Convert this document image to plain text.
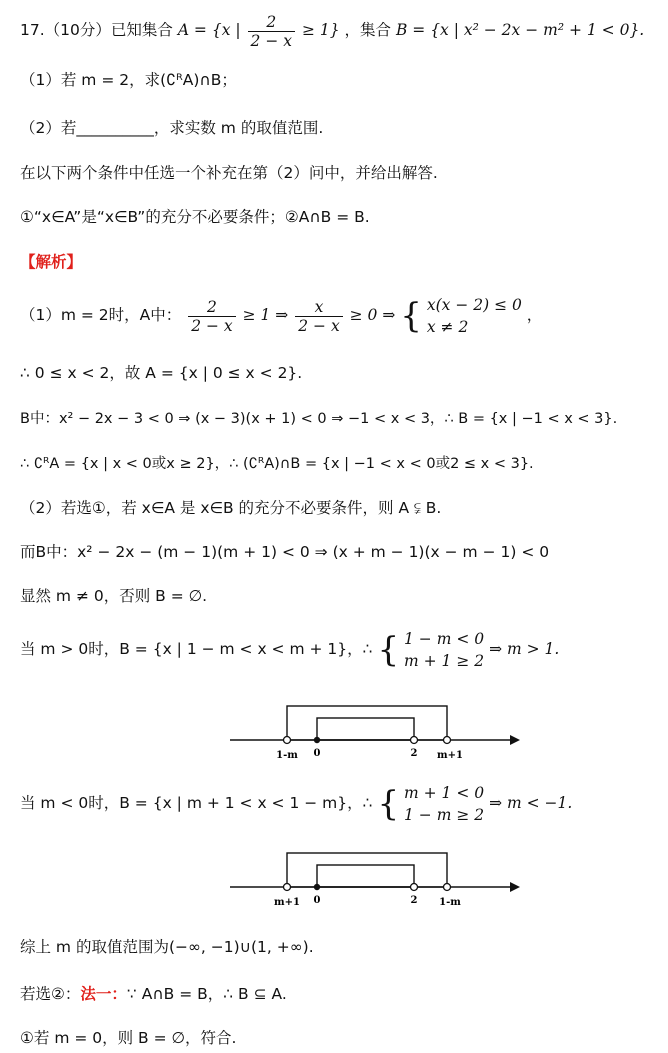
17.（10分）已知集合 A = {x | $\frac{2}{2 - x} \ge 1$} ，集合 B = {x | x² − 2x − m² + 1 < 0}.
（1）若 m = 2，求(∁ᴿA)∩B；
（2）若__________，求实数 m 的取值范围.
在以下两个条件中任选一个补充在第（2）问中，并给出解答.
①“x∈A”是“x∈B”的充分不必要条件；②A∩B = B.
【解析】
（1）m = 2时，A中： $\frac{2}{2 - x} \ge 1$ ⇒ $\frac{x}{2 - x} \ge 0$ ⇒ { x(x − 2) ≤ 0
x ≠ 2
，
∴ 0 ≤ x < 2，故 A = {x | 0 ≤ x < 2}.
B中：x² − 2x − 3 < 0 ⇒ (x − 3)(x + 1) < 0 ⇒ −1 < x < 3，∴ B = {x | −1 < x < 3}.
∴ ∁ᴿA = {x | x < 0或x ≥ 2}，∴ (∁ᴿA)∩B = {x | −1 < x < 0或2 ≤ x < 3}.
（2）若选①，若 x∈A 是 x∈B 的充分不必要条件，则 A ⫋ B.
而B中：x² − 2x − (m − 1)(m + 1) < 0 ⇒ (x + m − 1)(x − m − 1) < 0
显然 m ≠ 0，否则 B = ∅.
当 m > 0时，B = {x | 1 − m < x < m + 1}，∴ { 1 − m < 0
m + 1 ≥ 2
⇒ m > 1.
1-m 0	2 m+1
当 m < 0时，B = {x | m + 1 < x < 1 − m}，∴ { m + 1 < 0
1 − m ≥ 2
⇒ m < −1.
m+1 0	2 1-m
综上 m 的取值范围为(−∞, −1)∪(1, +∞).
若选②：法一：∵ A∩B = B，∴ B ⊆ A.
①若 m = 0，则 B = ∅，符合.
